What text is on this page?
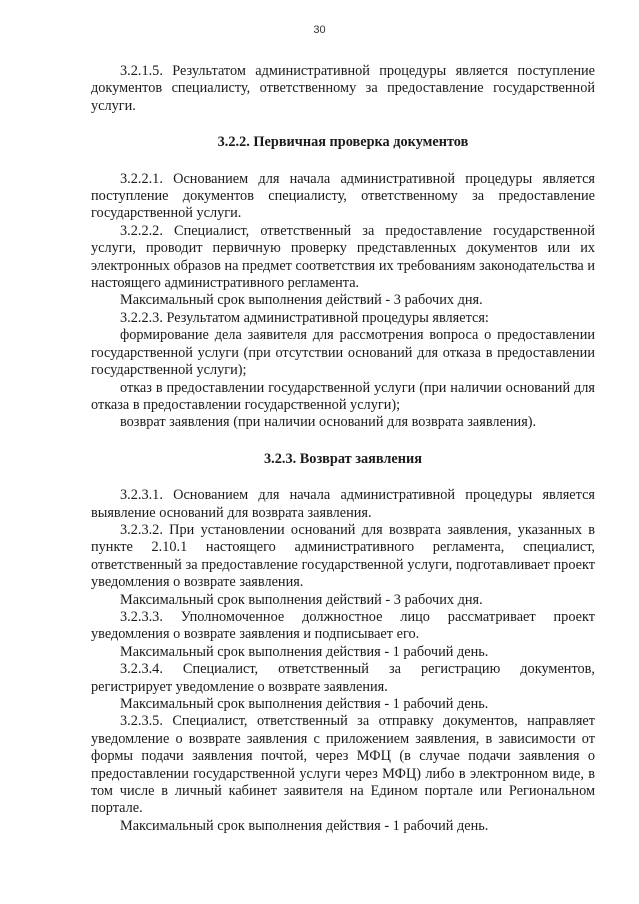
30

3.2.1.5. Результатом административной процедуры является поступление документов специалисту, ответственному за предоставление государственной услуги.

3.2.2. Первичная проверка документов

3.2.2.1. Основанием для начала административной процедуры является поступление документов специалисту, ответственному за предоставление государственной услуги.

3.2.2.2. Специалист, ответственный за предоставление государственной услуги, проводит первичную проверку представленных документов или их электронных образов на предмет соответствия их требованиям законодательства и настоящего административного регламента.

Максимальный срок выполнения действий - 3 рабочих дня.

3.2.2.3. Результатом административной процедуры является:

формирование дела заявителя для рассмотрения вопроса о предоставлении государственной услуги (при отсутствии оснований для отказа в предоставлении государственной услуги);

отказ в предоставлении государственной услуги (при наличии оснований для отказа в предоставлении государственной услуги);

возврат заявления (при наличии оснований для возврата заявления).

3.2.3. Возврат заявления

3.2.3.1. Основанием для начала административной процедуры является выявление оснований для возврата заявления.

3.2.3.2. При установлении оснований для возврата заявления, указанных в пункте 2.10.1 настоящего административного регламента, специалист, ответственный за предоставление государственной услуги, подготавливает проект уведомления о возврате заявления.

Максимальный срок выполнения действий - 3 рабочих дня.

3.2.3.3. Уполномоченное должностное лицо рассматривает проект уведомления о возврате заявления и подписывает его.

Максимальный срок выполнения действия - 1 рабочий день.

3.2.3.4. Специалист, ответственный за регистрацию документов, регистрирует уведомление о возврате заявления.

Максимальный срок выполнения действия - 1 рабочий день.

3.2.3.5. Специалист, ответственный за отправку документов, направляет уведомление о возврате заявления с приложением заявления, в зависимости от формы подачи заявления почтой, через МФЦ (в случае подачи заявления о предоставлении государственной услуги через МФЦ) либо в электронном виде, в том числе в личный кабинет заявителя на Едином портале или Региональном портале.

Максимальный срок выполнения действия - 1 рабочий день.
